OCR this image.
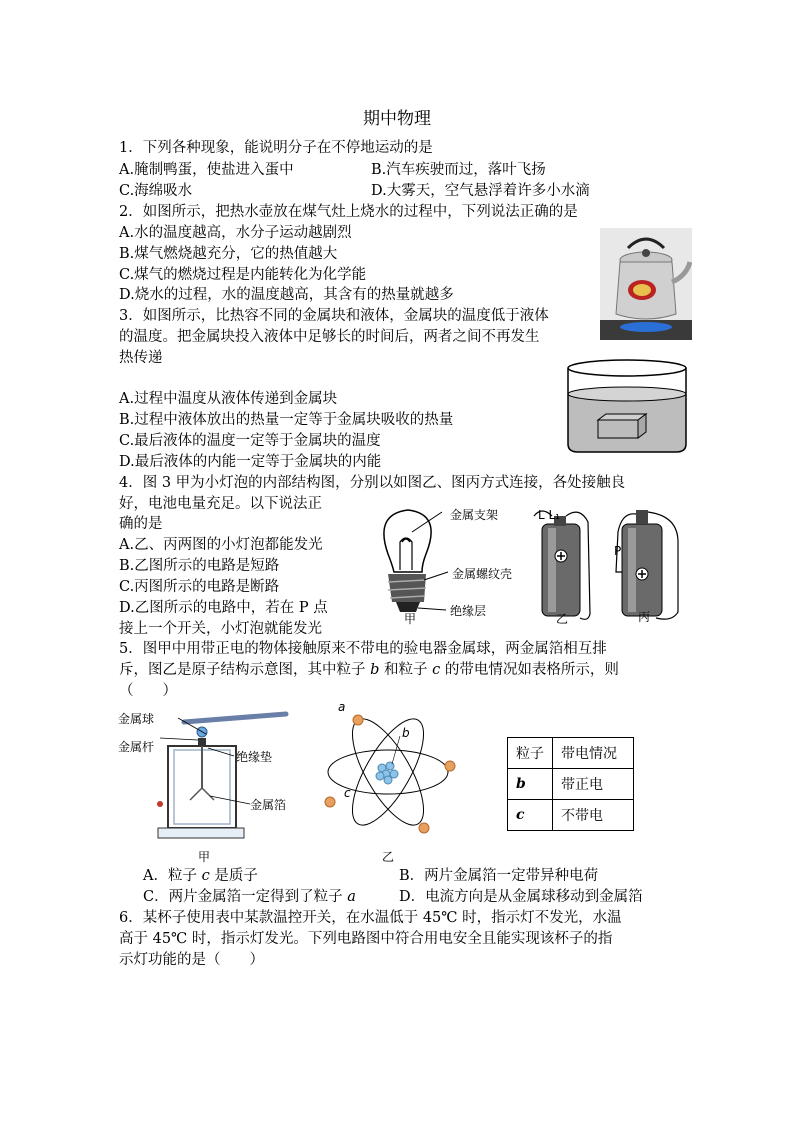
期中物理
1．下列各种现象，能说明分子在不停地运动的是
A.腌制鸭蛋，使盐进入蛋中	B.汽车疾驶而过，落叶飞扬
C.海绵吸水	D.大雾天，空气悬浮着许多小水滴
2．如图所示，把热水壶放在煤气灶上烧水的过程中，下列说法正确的是
A.水的温度越高，水分子运动越剧烈
B.煤气燃烧越充分，它的热值越大
C.煤气的燃烧过程是内能转化为化学能
D.烧水的过程，水的温度越高，其含有的热量就越多
3．如图所示，比热容不同的金属块和液体，金属块的温度低于液体
的温度。把金属块投入液体中足够长的时间后，两者之间不再发生
热传递
A.过程中温度从液体传递到金属块
B.过程中液体放出的热量一定等于金属块吸收的热量
C.最后液体的温度一定等于金属块的温度
D.最后液体的内能一定等于金属块的内能
4．图 3 甲为小灯泡的内部结构图，分别以如图乙、图丙方式连接，各处接触良
好，电池电量充足。以下说法正
确的是
A.乙、丙两图的小灯泡都能发光
B.乙图所示的电路是短路
C.丙图所示的电路是断路
D.乙图所示的电路中，若在 P 点
接上一个开关，小灯泡就能发光
金属支架
金属螺纹壳
绝缘层
甲
L L₁
P
乙	丙
5．图甲中用带正电的物体接触原来不带电的验电器金属球，两金属箔相互排
斥，图乙是原子结构示意图，其中粒子 b 和粒子 c 的带电情况如表格所示，则
（　　）
金属球
金属杆
绝缘垫
金属箔
甲
a
b
c
乙
粒子	带电情况
b	带正电
c	不带电
A．粒子 c 是质子	B．两片金属箔一定带异种电荷
C．两片金属箔一定得到了粒子 a	D．电流方向是从金属球移动到金属箔
6．某杯子使用表中某款温控开关，在水温低于 45℃ 时，指示灯不发光，水温
高于 45℃ 时，指示灯发光。下列电路图中符合用电安全且能实现该杯子的指
示灯功能的是（　　）
